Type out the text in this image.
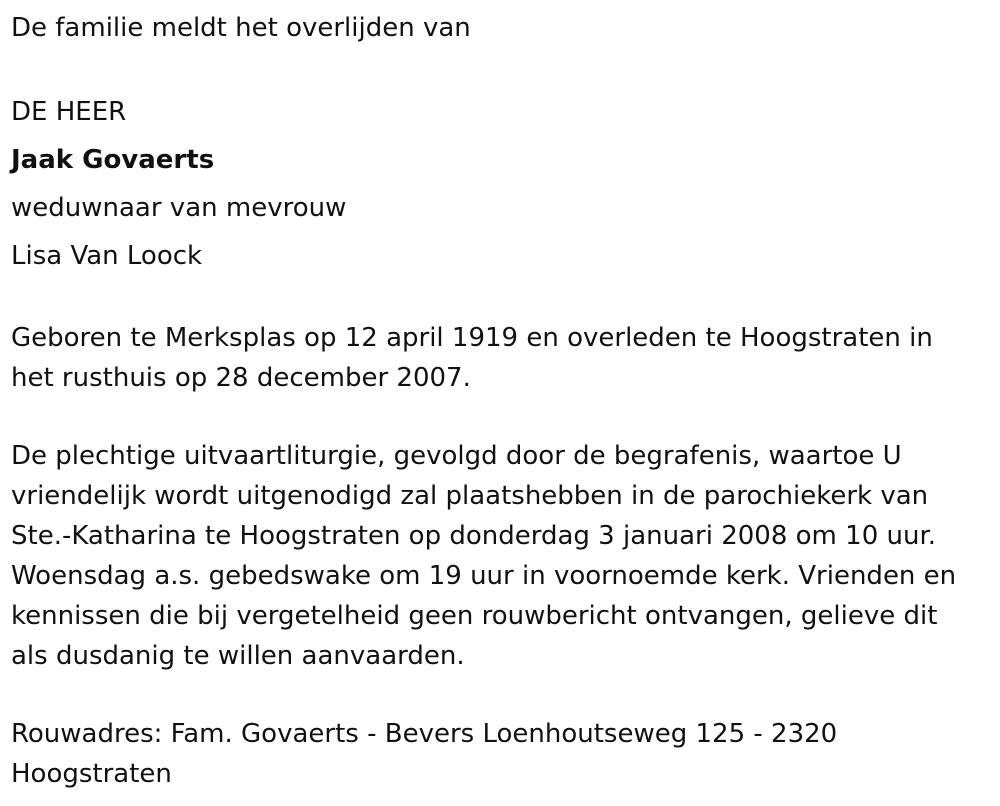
De familie meldt het overlijden van

DE HEER

Jaak Govaerts

weduwnaar van mevrouw

Lisa Van Loock

Geboren te Merksplas op 12 april 1919 en overleden te Hoogstraten in

het rusthuis op 28 december 2007.

De plechtige uitvaartliturgie, gevolgd door de begrafenis, waartoe U

vriendelijk wordt uitgenodigd zal plaatshebben in de parochiekerk van

Ste.-Katharina te Hoogstraten op donderdag 3 januari 2008 om 10 uur.

Woensdag a.s. gebedswake om 19 uur in voornoemde kerk. Vrienden en

kennissen die bij vergetelheid geen rouwbericht ontvangen, gelieve dit

als dusdanig te willen aanvaarden.

Rouwadres: Fam. Govaerts - Bevers Loenhoutseweg 125 - 2320

Hoogstraten
